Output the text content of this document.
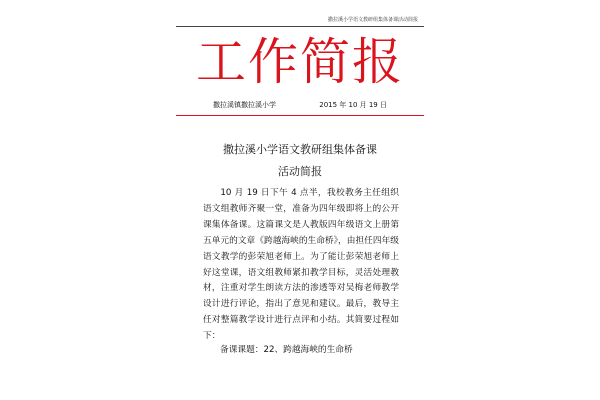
撒拉溪小学语文教研组集体备课活动简报
工作简报
撒拉溪镇撒拉溪小学	2015 年 10 月 19 日
撒拉溪小学语文教研组集体备课
活动简报

10 月 19 日下午 4 点半，我校教务主任组织语文组教师齐聚一堂，准备为四年级即将上的公开课集体备课。这篇课文是人教版四年级语文上册第五单元的文章《跨越海峡的生命桥》，由担任四年级语文教学的彭荣旭老师上。为了能让彭荣旭老师上好这堂课，语文组教师紧扣教学目标，灵活处理教材，注重对学生朗读方法的渗透等对吴梅老师教学设计进行评论，指出了意见和建议。最后，教导主任对整篇教学设计进行点评和小结。其简要过程如下：

备课课题：22、跨越海峡的生命桥
